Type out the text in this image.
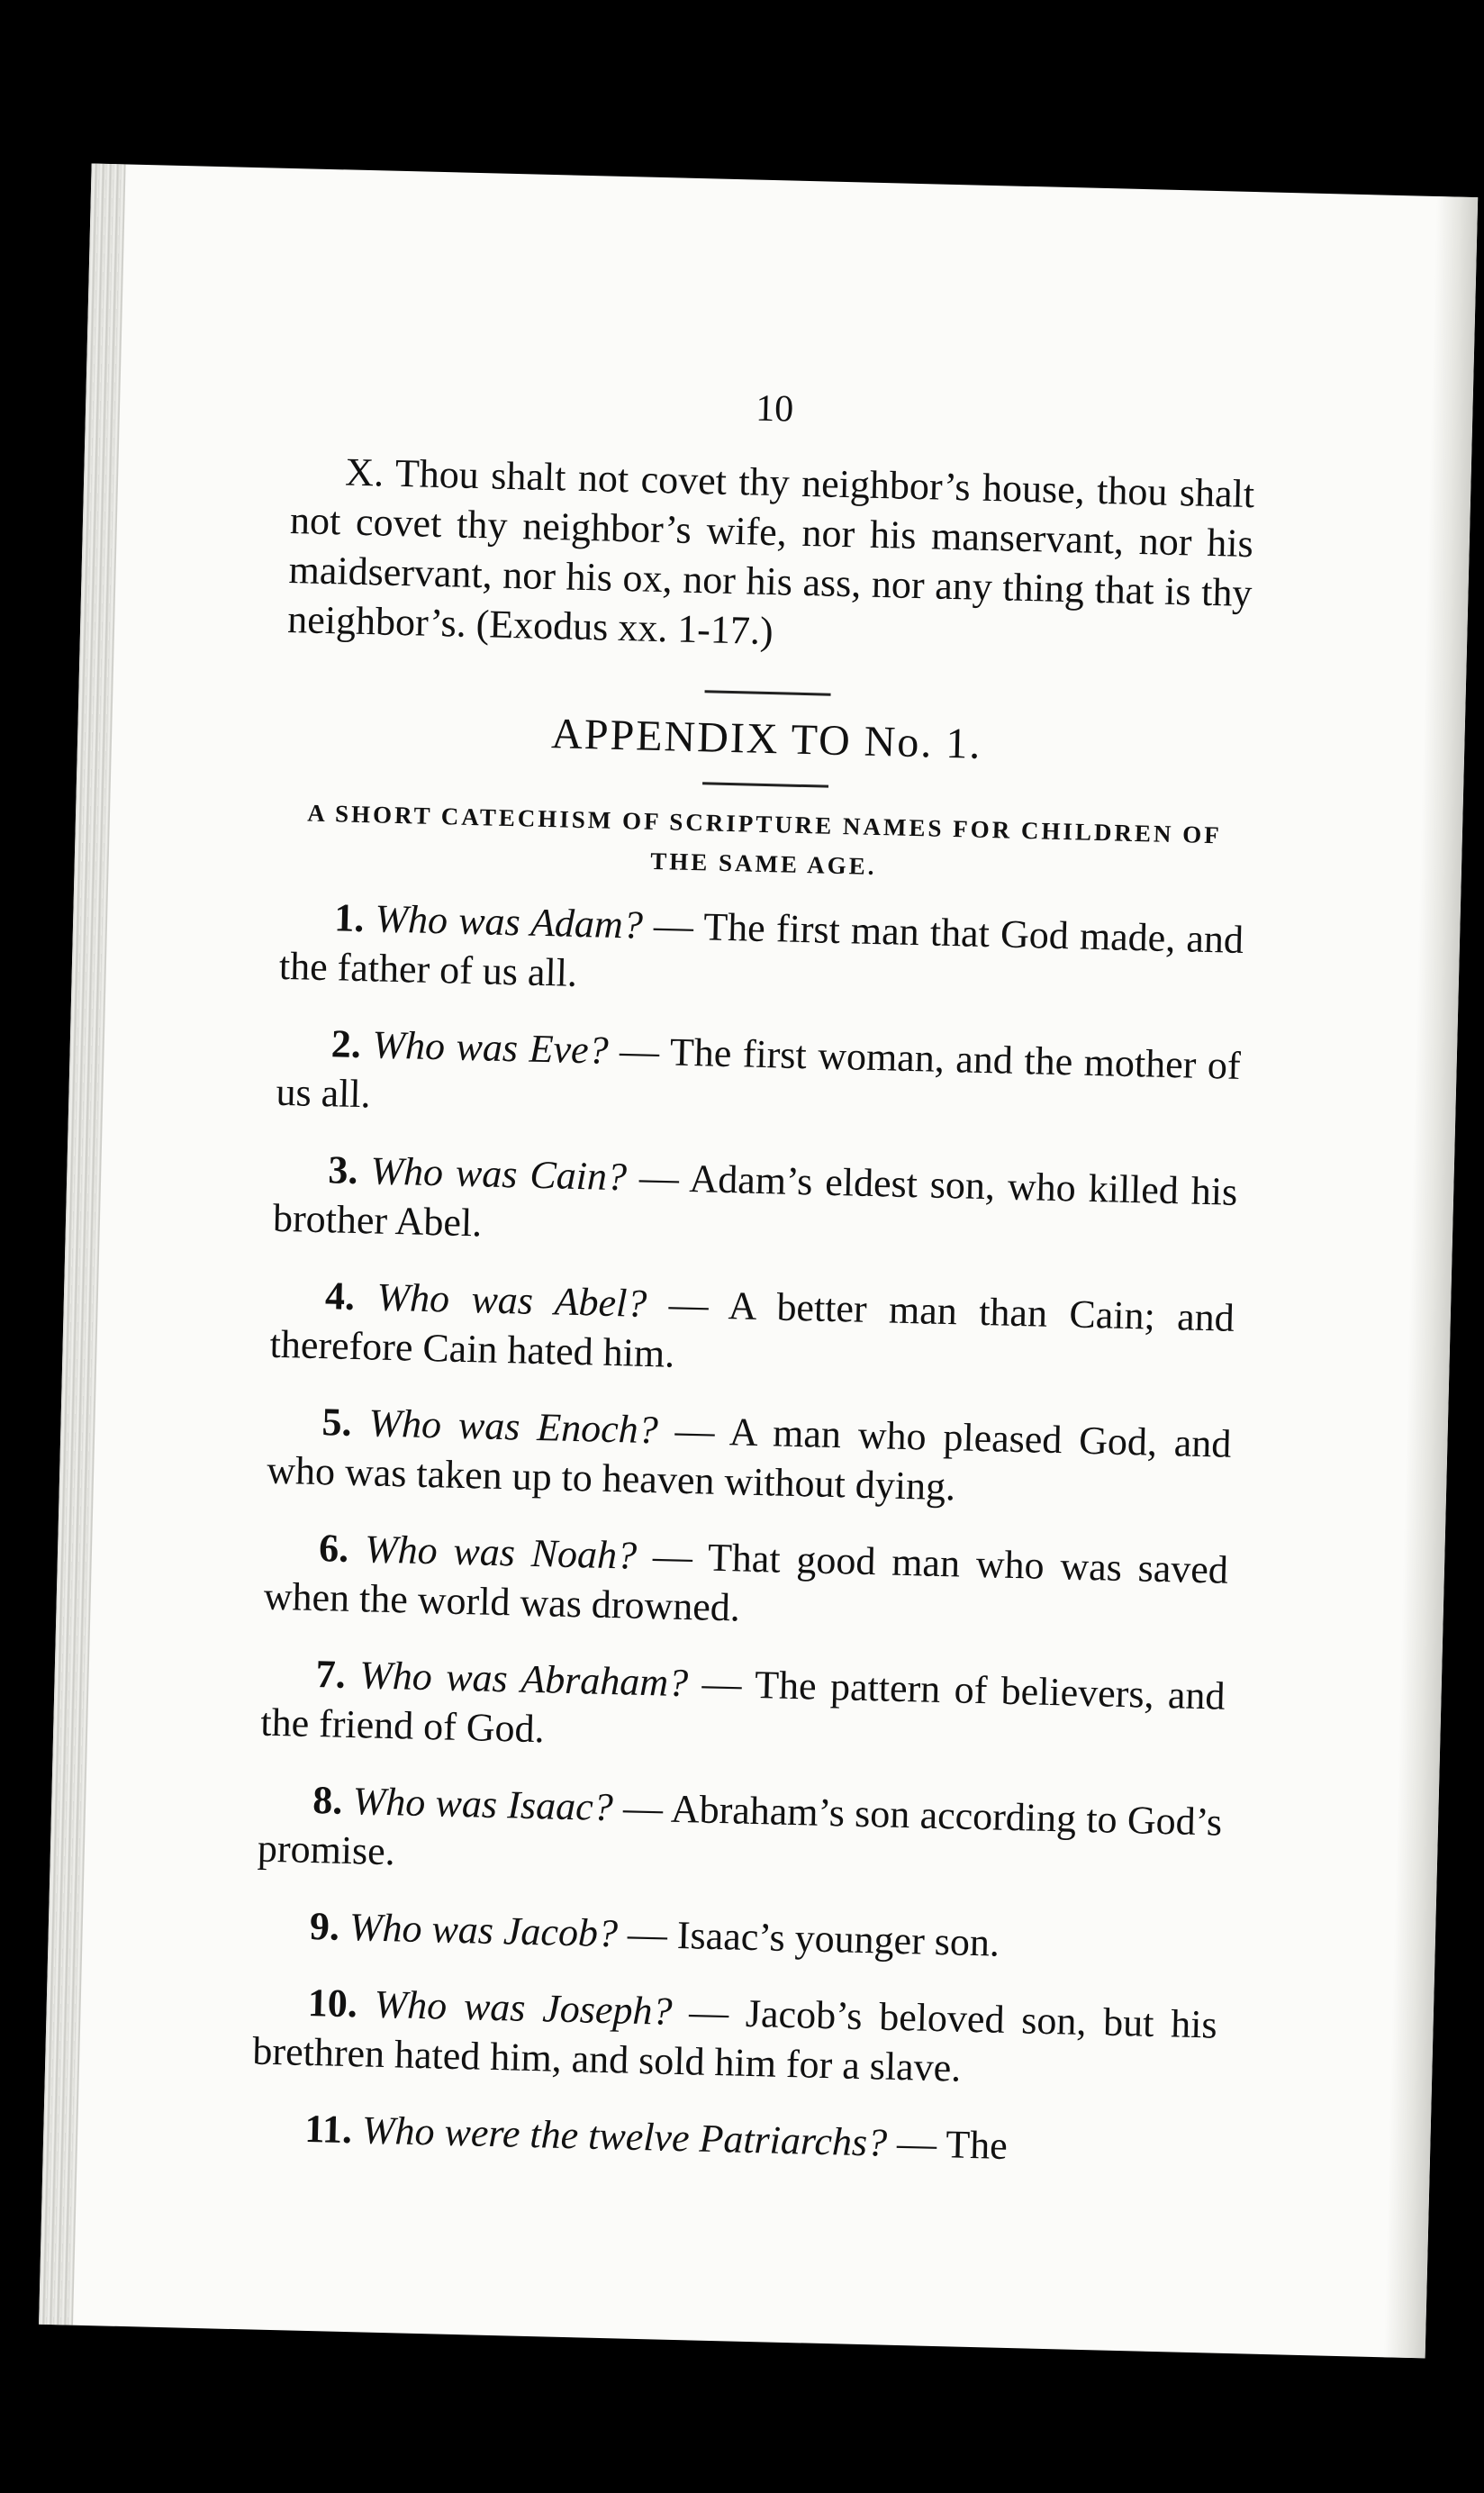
10

X. Thou shalt not covet thy neighbor’s house, thou shalt not covet thy neighbor’s wife, nor his manservant, nor his maidservant, nor his ox, nor his ass, nor any thing that is thy neighbor’s. (Exodus xx. 1-17.)

APPENDIX TO No. 1.
A SHORT CATECHISM OF SCRIPTURE NAMES FOR CHILDREN OF THE SAME AGE.

1. Who was Adam? — The first man that God made, and the father of us all.

2. Who was Eve? — The first woman, and the mother of us all.

3. Who was Cain? — Adam’s eldest son, who killed his brother Abel.

4. Who was Abel? — A better man than Cain; and therefore Cain hated him.

5. Who was Enoch? — A man who pleased God, and who was taken up to heaven without dying.

6. Who was Noah? — That good man who was saved when the world was drowned.

7. Who was Abraham? — The pattern of believers, and the friend of God.

8. Who was Isaac? — Abraham’s son according to God’s promise.

9. Who was Jacob? — Isaac’s younger son.

10. Who was Joseph? — Jacob’s beloved son, but his brethren hated him, and sold him for a slave.

11. Who were the twelve Patriarchs? — The
